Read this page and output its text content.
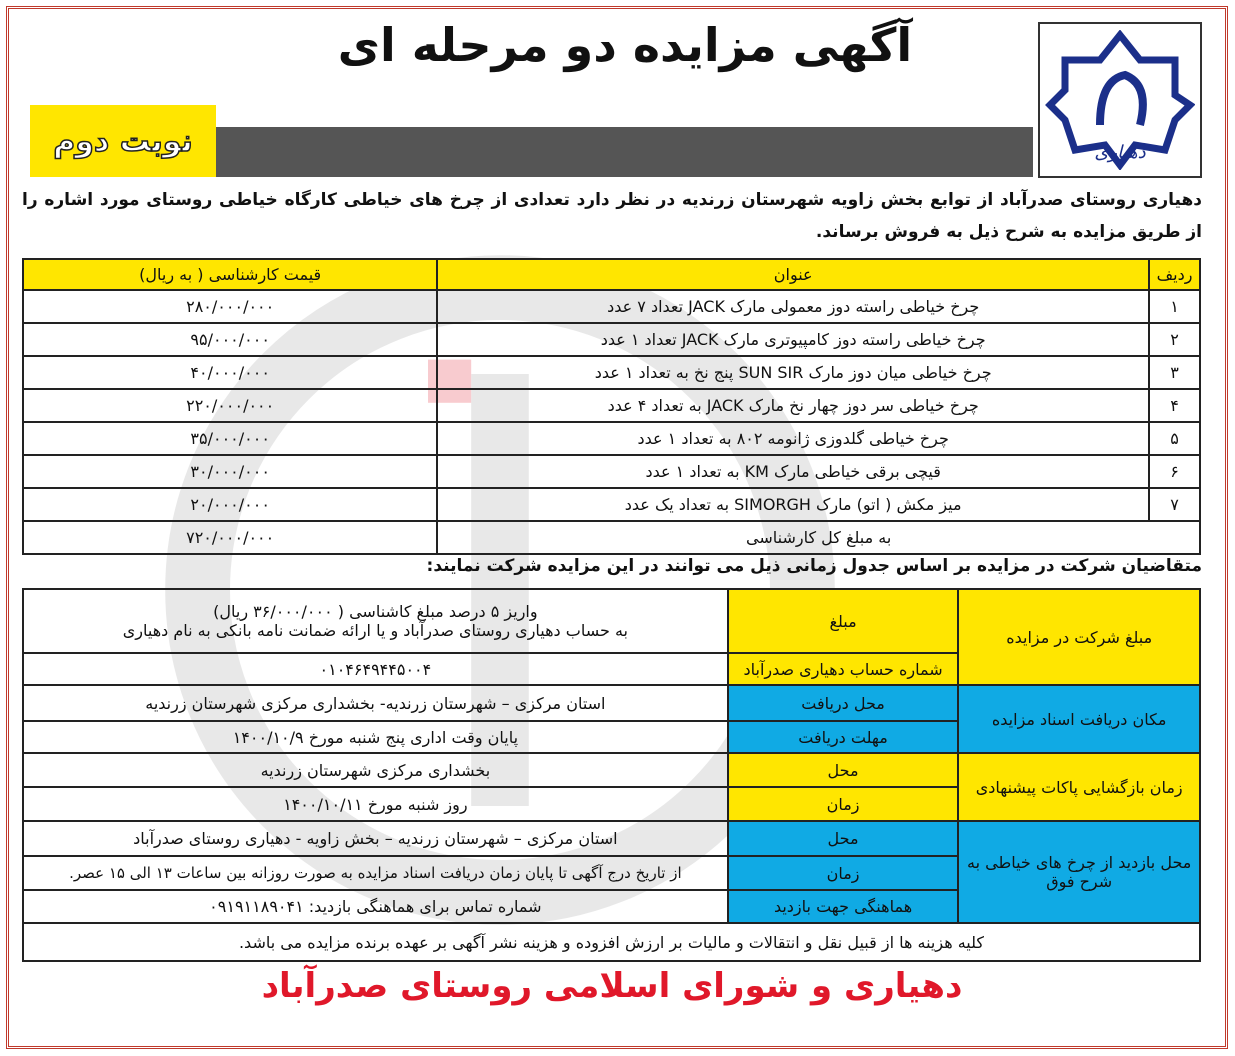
دهیاری
آگهی مزایده دو مرحله ای
نوبت دوم
دهیاری روستای صدرآباد از توابع بخش زاویه شهرستان زرندیه در نظر دارد تعدادی از چرخ های خیاطی کارگاه خیاطی روستای مورد اشاره را از طریق مزایده به شرح ذیل به فروش برساند.
ردیف	عنوان	قیمت کارشناسی ( به ریال)
۱	چرخ خیاطی راسته دوز معمولی مارک JACK تعداد ۷ عدد	۲۸۰/۰۰۰/۰۰۰
۲	چرخ خیاطی راسته دوز کامپیوتری مارک JACK تعداد ۱ عدد	۹۵/۰۰۰/۰۰۰
۳	چرخ خیاطی میان دوز مارک SUN SIR پنج نخ به تعداد ۱ عدد	۴۰/۰۰۰/۰۰۰
۴	چرخ خیاطی سر دوز چهار نخ مارک JACK به تعداد ۴ عدد	۲۲۰/۰۰۰/۰۰۰
۵	چرخ خیاطی گلدوزی ژانومه ۸۰۲ به تعداد ۱ عدد	۳۵/۰۰۰/۰۰۰
۶	قیچی برقی خیاطی مارک KM به تعداد ۱ عدد	۳۰/۰۰۰/۰۰۰
۷	میز مکش ( اتو) مارک SIMORGH به تعداد یک عدد	۲۰/۰۰۰/۰۰۰
به مبلغ کل کارشناسی		۷۲۰/۰۰۰/۰۰۰
متقاضیان شرکت در مزایده بر اساس جدول زمانی ذیل می توانند در این مزایده شرکت نمایند:
مبلغ شرکت در مزایده	مبلغ	واریز ۵ درصد مبلغ کاشناسی ( ۳۶/۰۰۰/۰۰۰ ریال)
به حساب دهیاری روستای صدرآباد و یا ارائه ضمانت نامه بانکی به نام دهیاری

	شماره حساب دهیاری صدرآباد	۰۱۰۴۶۴۹۴۴۵۰۰۴
مکان دریافت اسناد مزایده	محل دریافت	استان مرکزی – شهرستان زرندیه- بخشداری مرکزی شهرستان زرندیه
	مهلت دریافت	پایان وقت اداری پنج شنبه مورخ ۱۴۰۰/۱۰/۹
زمان بازگشایی پاکات پیشنهادی	محل	بخشداری مرکزی شهرستان زرندیه
	زمان	روز شنبه مورخ ۱۴۰۰/۱۰/۱۱
محل بازدید از چرخ های خیاطی به شرح فوق	محل	استان مرکزی – شهرستان زرندیه – بخش زاویه - دهیاری روستای صدرآباد
	زمان	از تاریخ درج آگهی تا پایان زمان دریافت اسناد مزایده به صورت روزانه بین ساعات ۱۳ الی ۱۵ عصر.
	هماهنگی جهت بازدید	شماره تماس برای هماهنگی بازدید: ۰۹۱۹۱۱۸۹۰۴۱
کلیه هزینه ها از قبیل نقل و انتقالات و مالیات بر ارزش افزوده و هزینه نشر آگهی بر عهده برنده مزایده می باشد.		
دهیاری و شورای اسلامی روستای صدرآباد
